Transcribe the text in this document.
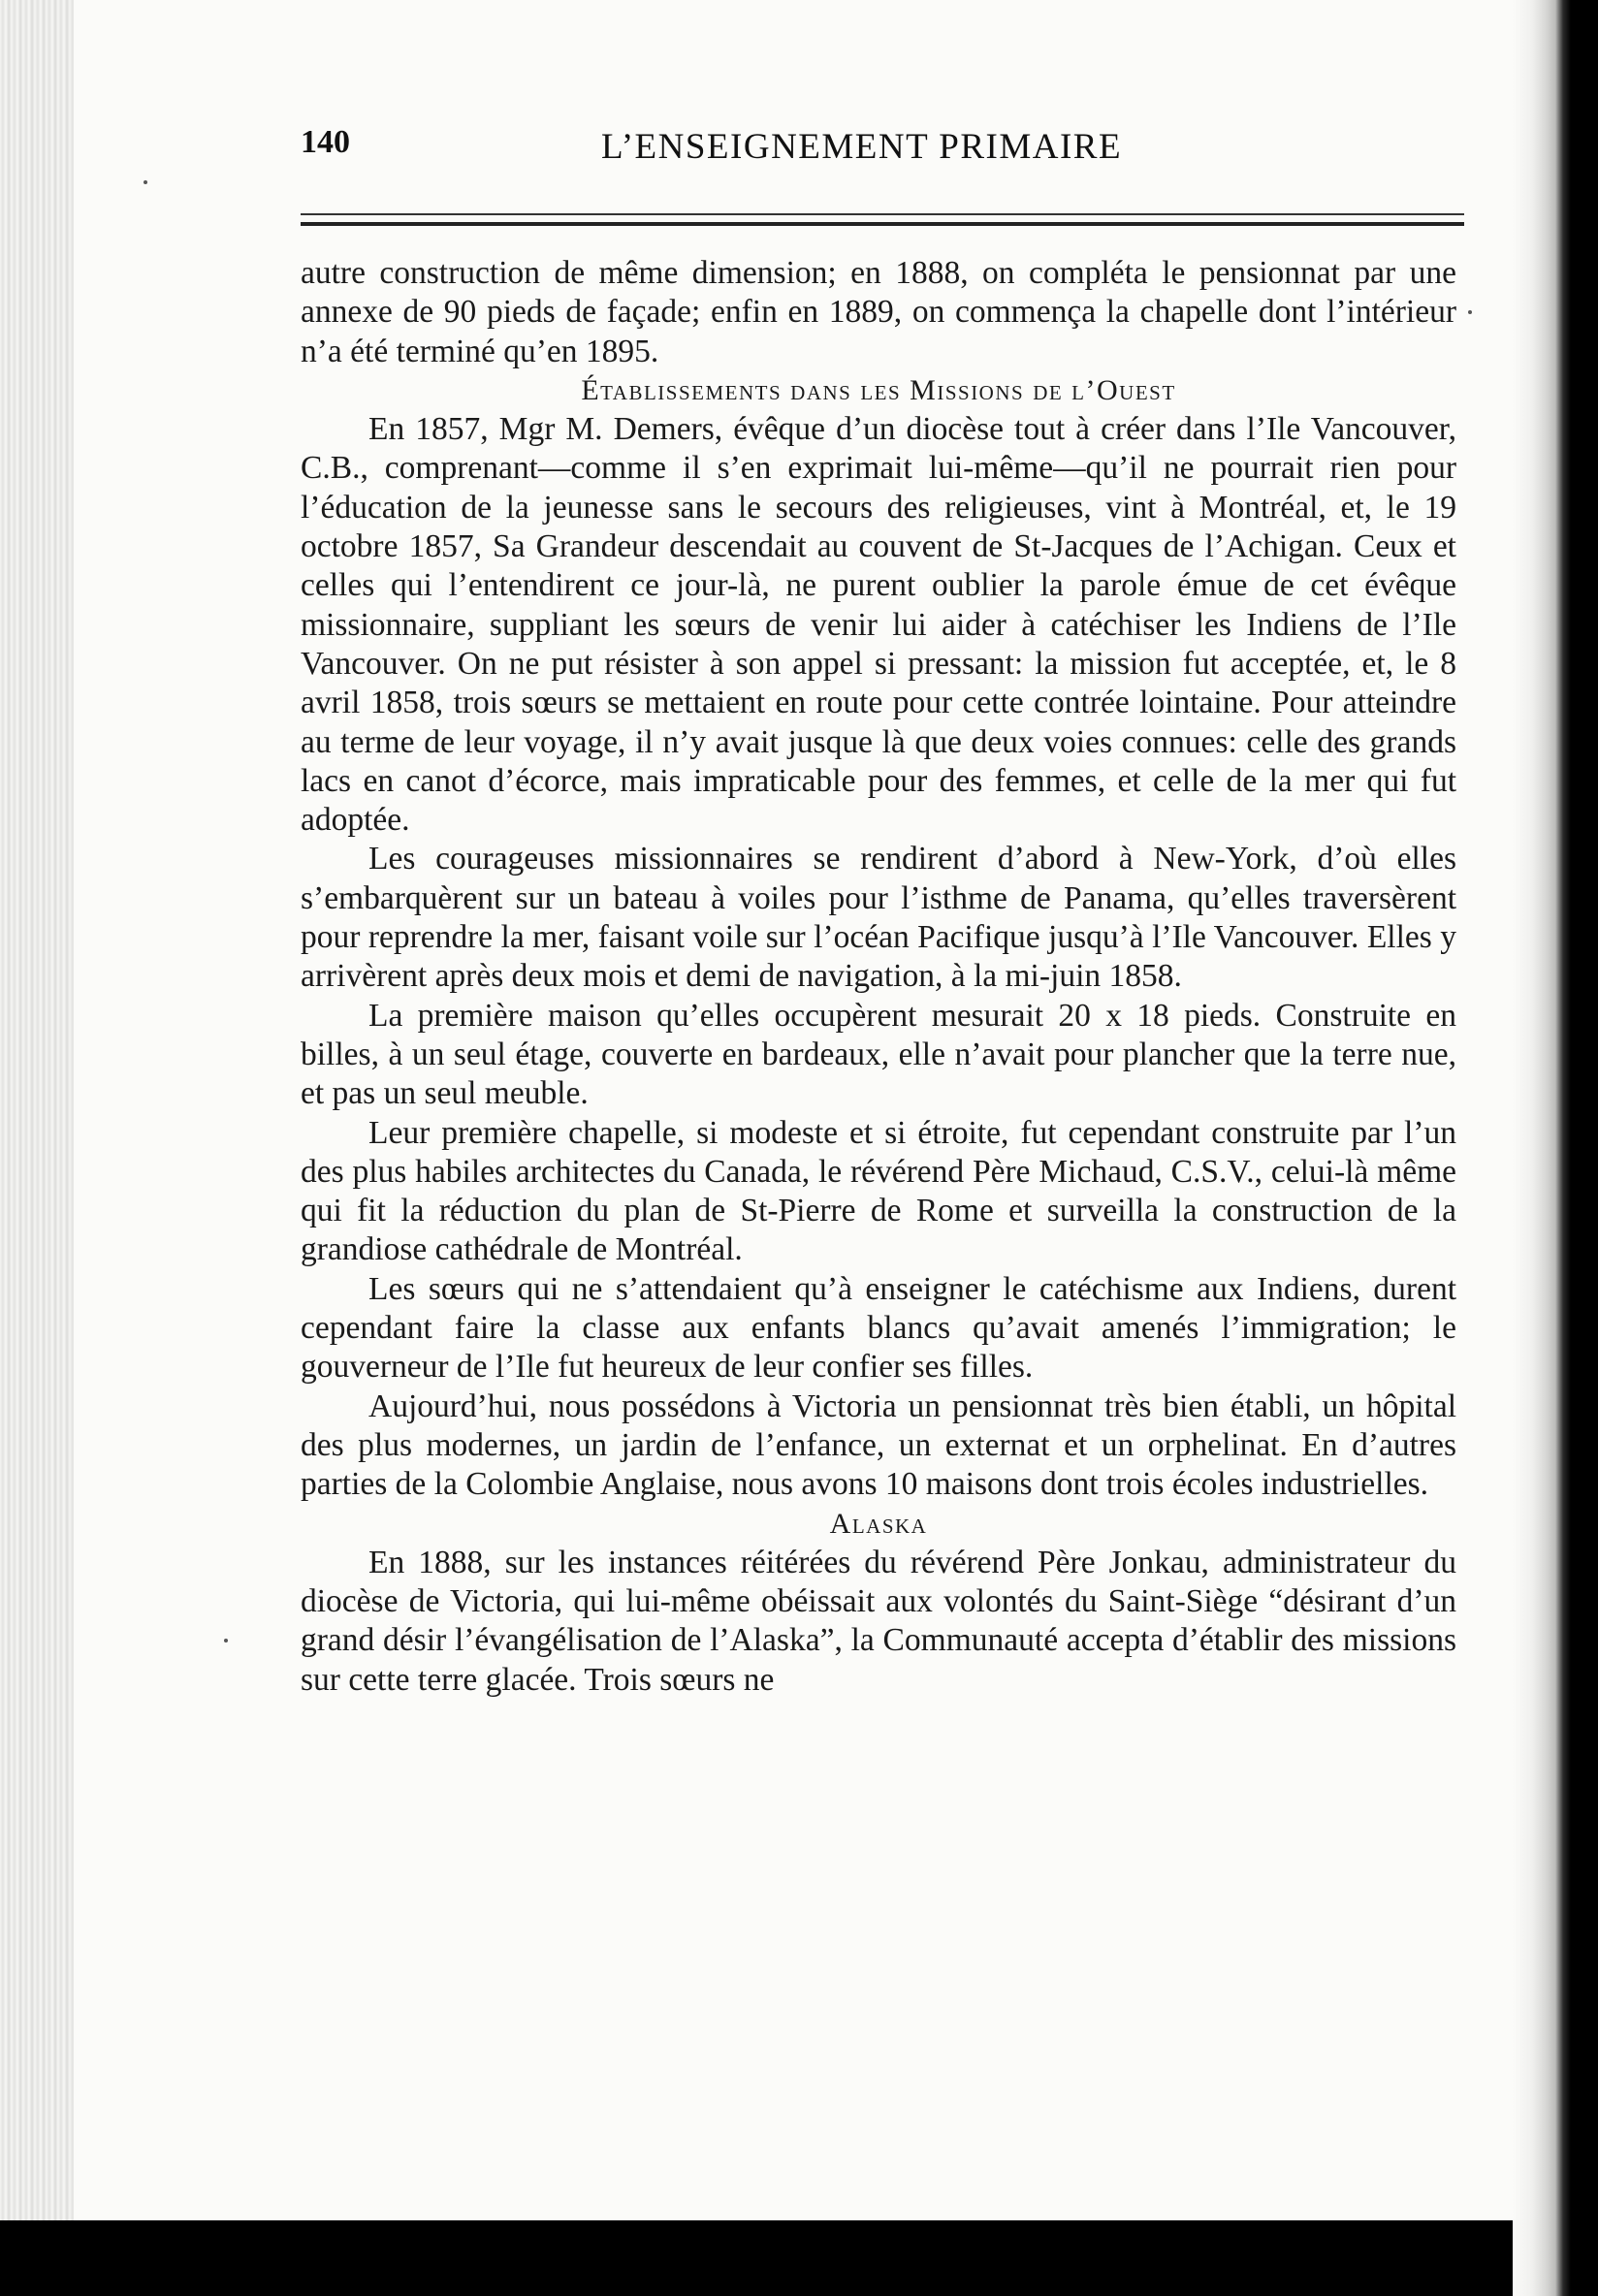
140	L’ENSEIGNEMENT PRIMAIRE

autre construction de même dimension; en 1888, on compléta le pensionnat par une annexe de 90 pieds de façade; enfin en 1889, on commença la chapelle dont l’intérieur n’a été terminé qu’en 1895.

Établissements dans les Missions de l’Ouest

En 1857, Mgr M. Demers, évêque d’un diocèse tout à créer dans l’Ile Vancouver, C.B., comprenant—comme il s’en exprimait lui-même—qu’il ne pourrait rien pour l’éducation de la jeunesse sans le secours des religieuses, vint à Montréal, et, le 19 octobre 1857, Sa Grandeur descendait au couvent de St-Jacques de l’Achigan. Ceux et celles qui l’entendirent ce jour-là, ne purent oublier la parole émue de cet évêque missionnaire, suppliant les sœurs de venir lui aider à catéchiser les Indiens de l’Ile Vancouver. On ne put résister à son appel si pressant: la mission fut acceptée, et, le 8 avril 1858, trois sœurs se mettaient en route pour cette contrée lointaine. Pour atteindre au terme de leur voyage, il n’y avait jusque là que deux voies connues: celle des grands lacs en canot d’écorce, mais impraticable pour des femmes, et celle de la mer qui fut adoptée.

Les courageuses missionnaires se rendirent d’abord à New-York, d’où elles s’embarquèrent sur un bateau à voiles pour l’isthme de Panama, qu’elles traversèrent pour reprendre la mer, faisant voile sur l’océan Pacifique jusqu’à l’Ile Vancouver. Elles y arrivèrent après deux mois et demi de navigation, à la mi-juin 1858.

La première maison qu’elles occupèrent mesurait 20 x 18 pieds. Construite en billes, à un seul étage, couverte en bardeaux, elle n’avait pour plancher que la terre nue, et pas un seul meuble.

Leur première chapelle, si modeste et si étroite, fut cependant construite par l’un des plus habiles architectes du Canada, le révérend Père Michaud, C.S.V., celui-là même qui fit la réduction du plan de St-Pierre de Rome et surveilla la construction de la grandiose cathédrale de Montréal.

Les sœurs qui ne s’attendaient qu’à enseigner le catéchisme aux Indiens, durent cependant faire la classe aux enfants blancs qu’avait amenés l’immigration; le gouverneur de l’Ile fut heureux de leur confier ses filles.

Aujourd’hui, nous possédons à Victoria un pensionnat très bien établi, un hôpital des plus modernes, un jardin de l’enfance, un externat et un orphelinat. En d’autres parties de la Colombie Anglaise, nous avons 10 maisons dont trois écoles industrielles.

Alaska

En 1888, sur les instances réitérées du révérend Père Jonkau, administrateur du diocèse de Victoria, qui lui-même obéissait aux volontés du Saint-Siège “désirant d’un grand désir l’évangélisation de l’Alaska”, la Communauté accepta d’établir des missions sur cette terre glacée. Trois sœurs ne
